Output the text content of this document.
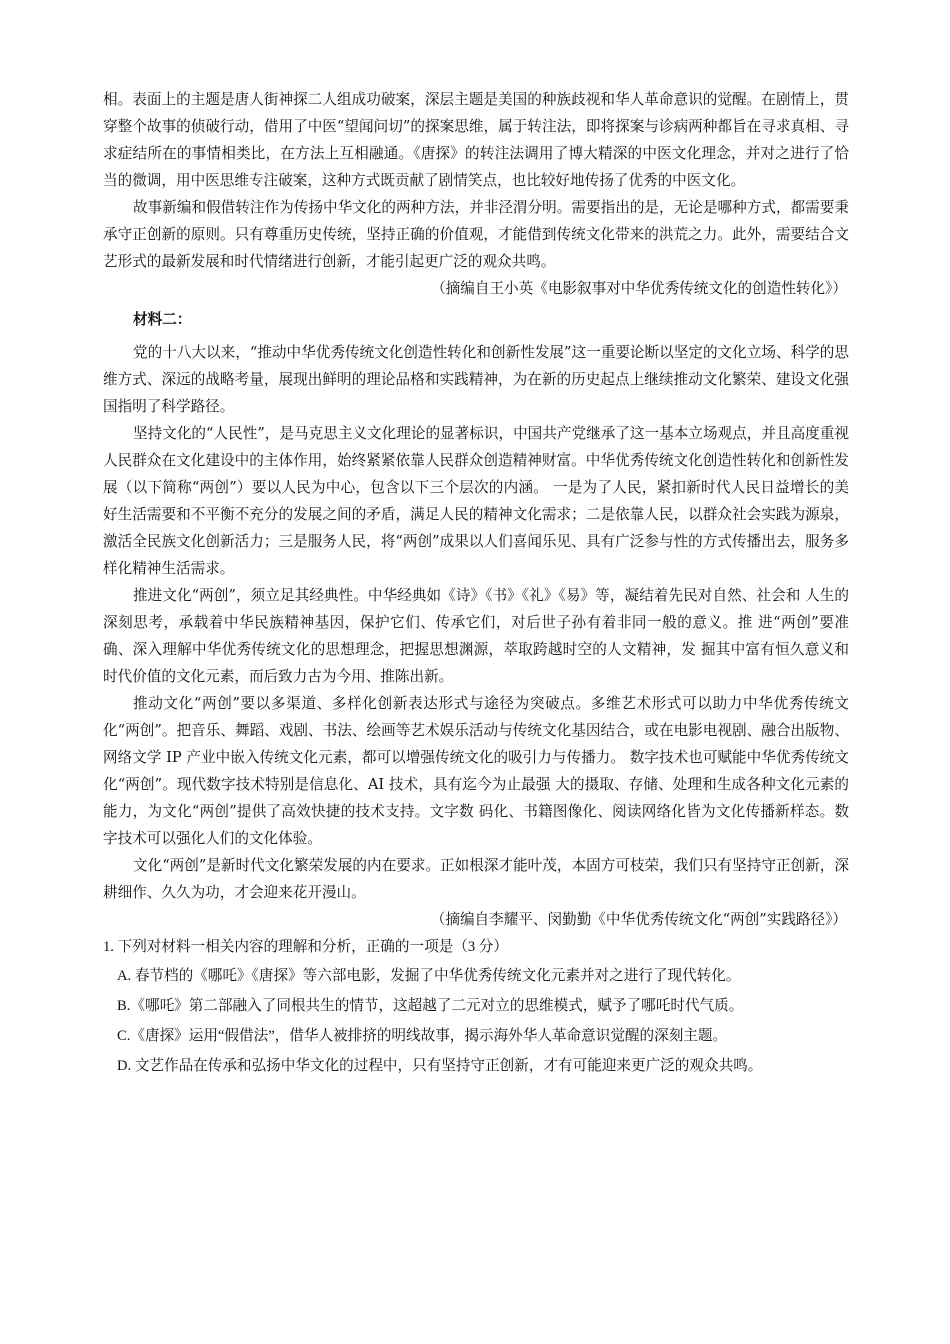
相。表面上的主题是唐人街神探二人组成功破案，深层主题是美国的种族歧视和华人革命意识的觉醒。在剧情上，贯穿整个故事的侦破行动，借用了中医“望闻问切”的探案思维，属于转注法，即将探案与诊病两种都旨在寻求真相、寻求症结所在的事情相类比，在方法上互相融通。《唐探》的转注法调用了博大精深的中医文化理念，并对之进行了恰当的微调，用中医思维专注破案，这种方式既贡献了剧情笑点，也比较好地传扬了优秀的中医文化。

故事新编和假借转注作为传扬中华文化的两种方法，并非泾渭分明。需要指出的是，无论是哪种方式，都需要秉承守正创新的原则。只有尊重历史传统，坚持正确的价值观，才能借到传统文化带来的洪荒之力。此外，需要结合文艺形式的最新发展和时代情绪进行创新，才能引起更广泛的观众共鸣。

（摘编自王小英《电影叙事对中华优秀传统文化的创造性转化》）

材料二：

党的十八大以来，“推动中华优秀传统文化创造性转化和创新性发展”这一重要论断以坚定的文化立场、科学的思维方式、深远的战略考量，展现出鲜明的理论品格和实践精神，为在新的历史起点上继续推动文化繁荣、建设文化强国指明了科学路径。

坚持文化的“人民性”，是马克思主义文化理论的显著标识，中国共产党继承了这一基本立场观点，并且高度重视人民群众在文化建设中的主体作用，始终紧紧依靠人民群众创造精神财富。中华优秀传统文化创造性转化和创新性发展（以下简称“两创”）要以人民为中心，包含以下三个层次的内涵。 一是为了人民，紧扣新时代人民日益增长的美好生活需要和不平衡不充分的发展之间的矛盾，满足人民的精神文化需求；二是依靠人民，以群众社会实践为源泉，激活全民族文化创新活力；三是服务人民，将“两创”成果以人们喜闻乐见、具有广泛参与性的方式传播出去，服务多样化精神生活需求。

推进文化“两创”，须立足其经典性。中华经典如《诗》《书》《礼》《易》等，凝结着先民对自然、社会和 人生的深刻思考，承载着中华民族精神基因，保护它们、传承它们，对后世子孙有着非同一般的意义。推 进“两创”要准确、深入理解中华优秀传统文化的思想理念，把握思想渊源，萃取跨越时空的人文精神，发 掘其中富有恒久意义和时代价值的文化元素，而后致力古为今用、推陈出新。

推动文化“两创”要以多渠道、多样化创新表达形式与途径为突破点。多维艺术形式可以助力中华优秀传统文化“两创”。把音乐、舞蹈、戏剧、书法、绘画等艺术娱乐活动与传统文化基因结合，或在电影电视剧、融合出版物、网络文学 IP 产业中嵌入传统文化元素，都可以增强传统文化的吸引力与传播力。 数字技术也可赋能中华优秀传统文化“两创”。现代数字技术特别是信息化、AI 技术，具有迄今为止最强 大的摄取、存储、处理和生成各种文化元素的能力，为文化“两创”提供了高效快捷的技术支持。文字数 码化、书籍图像化、阅读网络化皆为文化传播新样态。数字技术可以强化人们的文化体验。

文化“两创”是新时代文化繁荣发展的内在要求。正如根深才能叶茂，本固方可枝荣，我们只有坚持守正创新，深耕细作、久久为功，才会迎来花开漫山。

（摘编自李耀平、闵勤勤《中华优秀传统文化“两创”实践路径》）

1. 下列对材料一相关内容的理解和分析，正确的一项是（3 分）

A. 春节档的《哪吒》《唐探》等六部电影，发掘了中华优秀传统文化元素并对之进行了现代转化。

B.《哪吒》第二部融入了同根共生的情节，这超越了二元对立的思维模式，赋予了哪吒时代气质。

C.《唐探》运用“假借法”，借华人被排挤的明线故事，揭示海外华人革命意识觉醒的深刻主题。

D. 文艺作品在传承和弘扬中华文化的过程中，只有坚持守正创新，才有可能迎来更广泛的观众共鸣。
